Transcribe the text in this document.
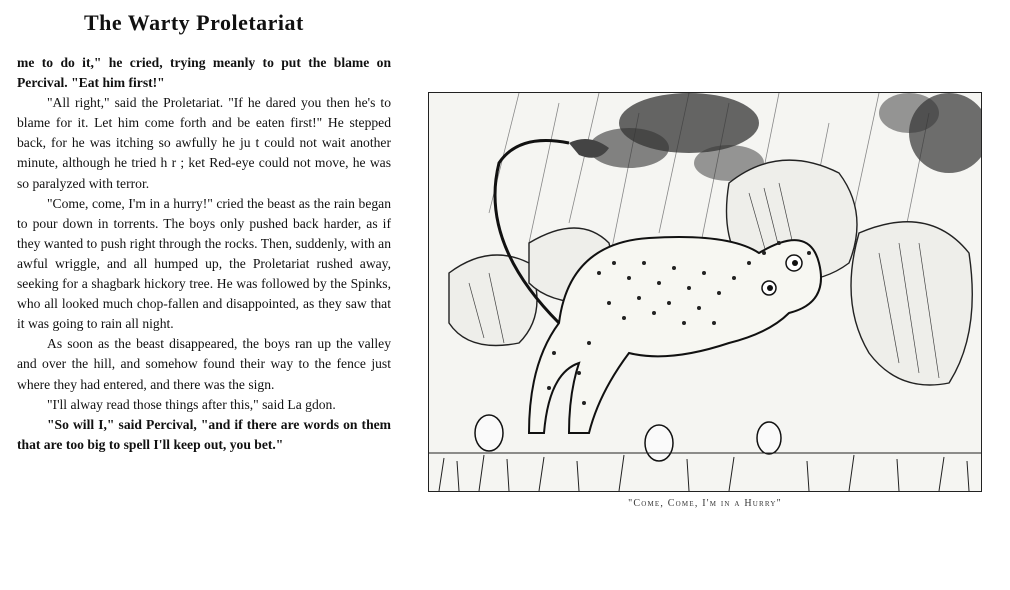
The Warty Proletariat

me to do it," he cried, trying meanly to put the blame on Percival. "Eat him first!"

"All right," said the Proletariat. "If he dared you then he's to blame for it. Let him come forth and be eaten first!" He stepped back, for he was itching so awfully he ju t could not wait another minute, although he tried h r ; ket Red-eye could not move, he was so paralyzed with terror.

"Come, come, I'm in a hurry!" cried the beast as the rain began to pour down in torrents. The boys only pushed back harder, as if they wanted to push right through the rocks. Then, suddenly, with an awful wriggle, and all humped up, the Proletariat rushed away, seeking for a shagbark hickory tree. He was followed by the Spinks, who all looked much chop-fallen and disappointed, as they saw that it was going to rain all night.

As soon as the beast disappeared, the boys ran up the valley and over the hill, and somehow found their way to the fence just where they had entered, and there was the sign.

"I'll alway read those things after this," said La gdon.

"So will I," said Percival, "and if there are words on them that are too big to spell I'll keep out, you bet."

"Come, Come, I'm in a Hurry"
